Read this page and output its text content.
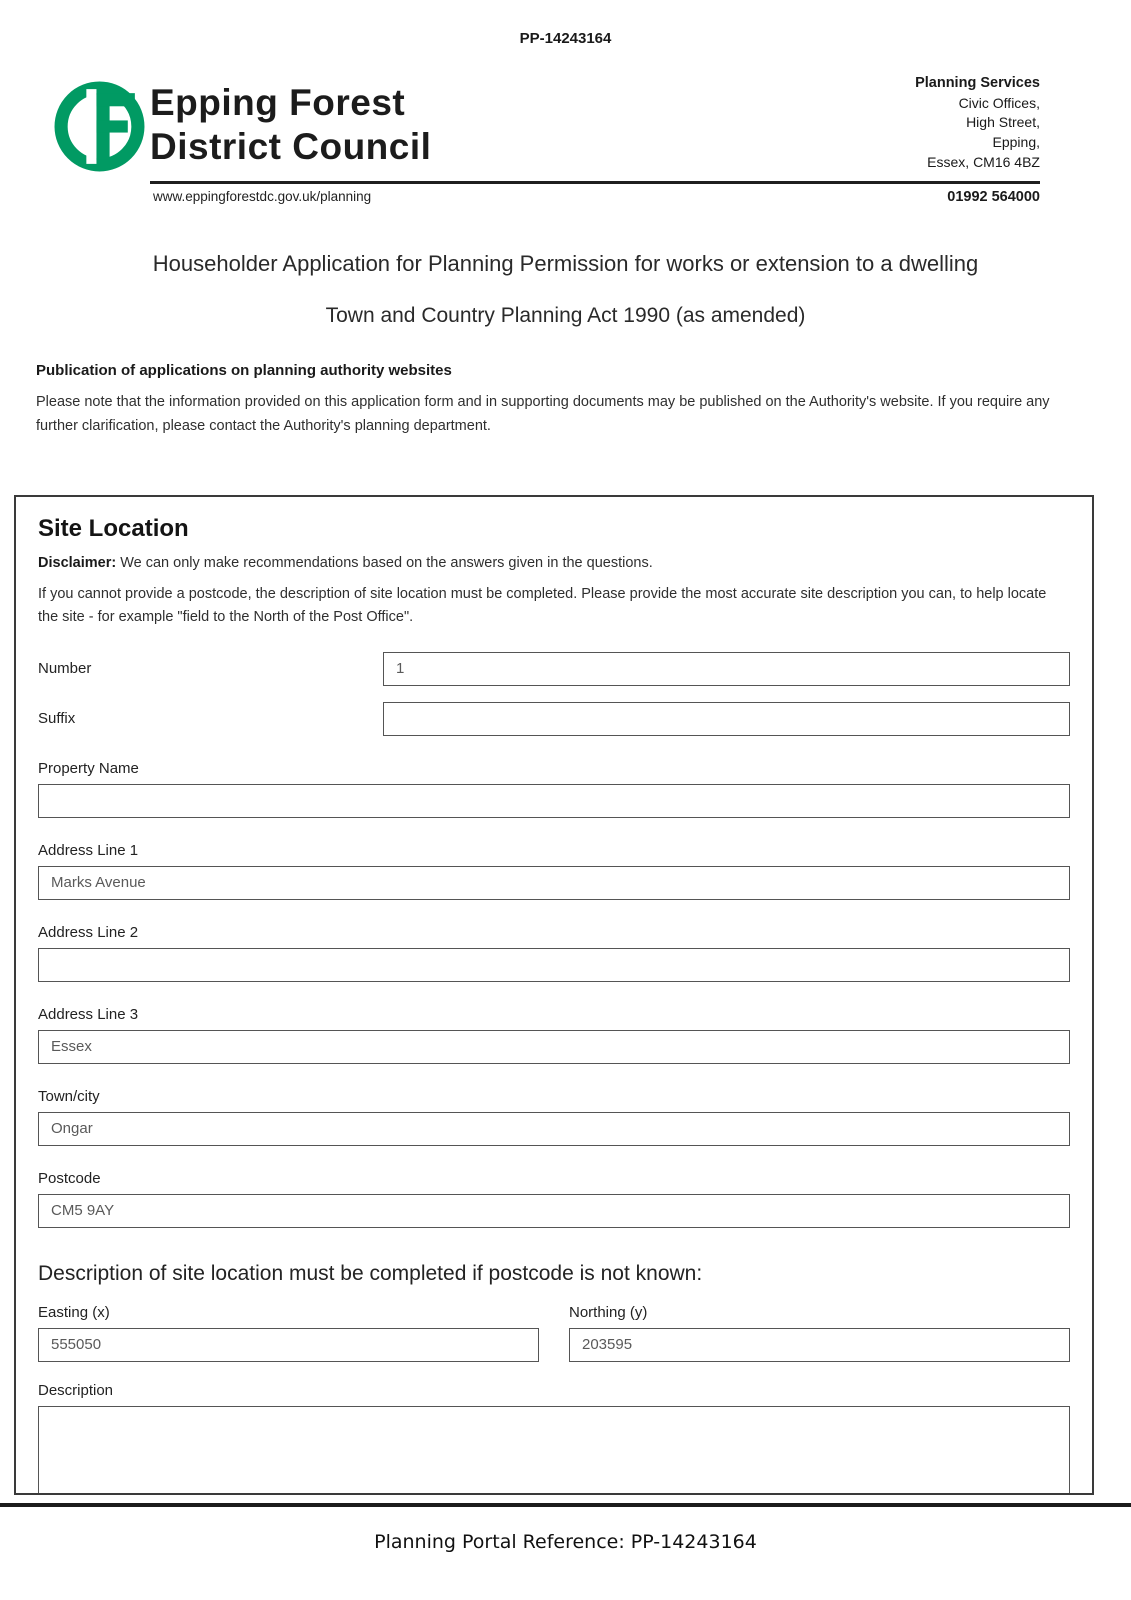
PP-14243164
Epping Forest
District Council
www.eppingforestdc.gov.uk/planning
Planning Services
Civic Offices,
High Street,
Epping,
Essex, CM16 4BZ
01992 564000
Householder Application for Planning Permission for works or extension to a dwelling
Town and Country Planning Act 1990 (as amended)
Publication of applications on planning authority websites
Please note that the information provided on this application form and in supporting documents may be published on the Authority's website. If you require any further clarification, please contact the Authority's planning department.
Site Location
Disclaimer: We can only make recommendations based on the answers given in the questions.
If you cannot provide a postcode, the description of site location must be completed. Please provide the most accurate site description you can, to help locate the site - for example "field to the North of the Post Office".
Number
1
Suffix
Property Name
Address Line 1
Marks Avenue
Address Line 2
Address Line 3
Essex
Town/city
Ongar
Postcode
CM5 9AY
Description of site location must be completed if postcode is not known:
Easting (x)
555050	Northing (y)
203595
Description
Planning Portal Reference: PP-14243164
